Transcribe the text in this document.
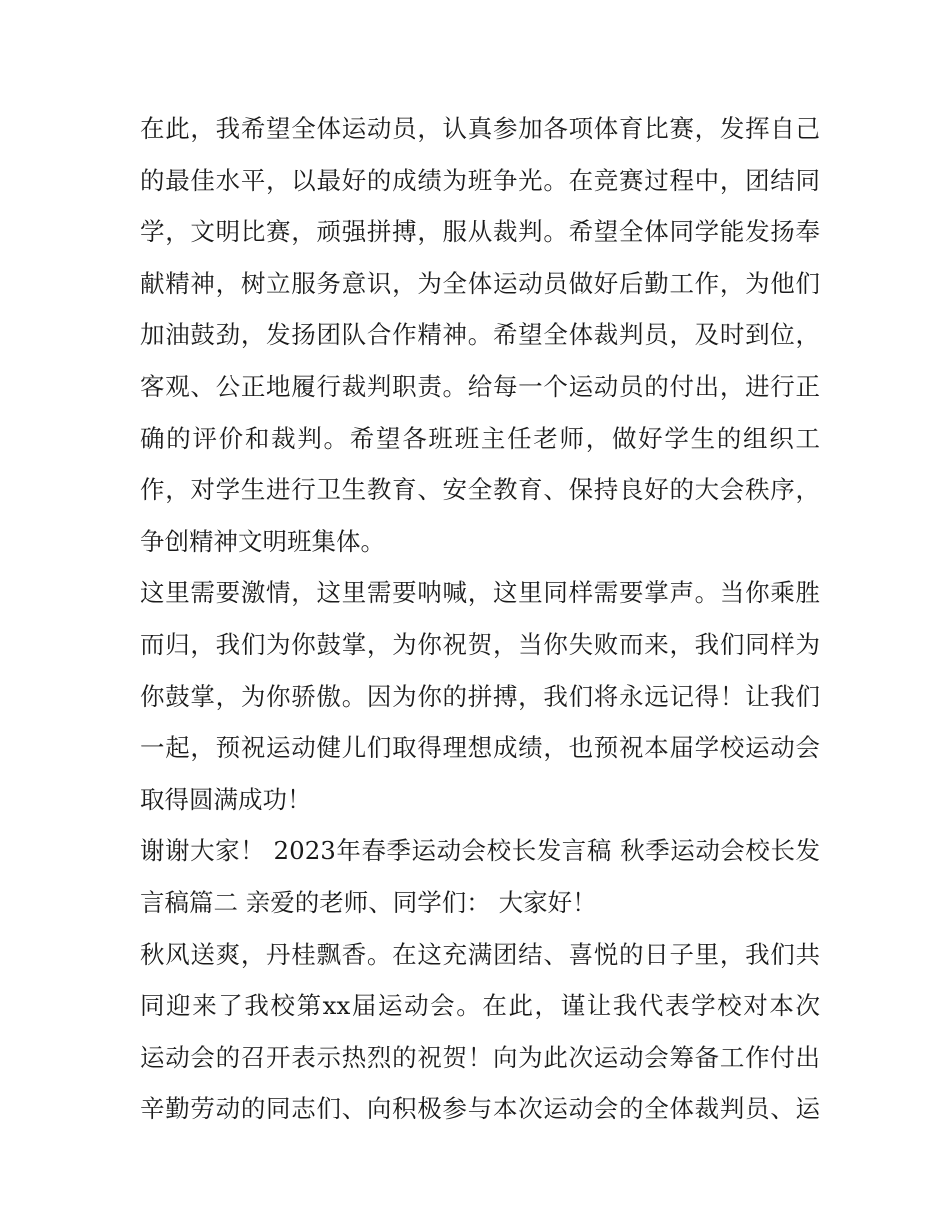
在此，我希望全体运动员，认真参加各项体育比赛，发挥自己
的最佳水平，以最好的成绩为班争光。在竞赛过程中，团结同
学，文明比赛，顽强拼搏，服从裁判。希望全体同学能发扬奉
献精神，树立服务意识，为全体运动员做好后勤工作，为他们
加油鼓劲，发扬团队合作精神。希望全体裁判员，及时到位，
客观、公正地履行裁判职责。给每一个运动员的付出，进行正
确的评价和裁判。希望各班班主任老师，做好学生的组织工
作，对学生进行卫生教育、安全教育、保持良好的大会秩序，
争创精神文明班集体。
这里需要激情，这里需要呐喊，这里同样需要掌声。当你乘胜
而归，我们为你鼓掌，为你祝贺，当你失败而来，我们同样为
你鼓掌，为你骄傲。因为你的拼搏，我们将永远记得！让我们
一起，预祝运动健儿们取得理想成绩，也预祝本届学校运动会
取得圆满成功！
谢谢大家！ 2023年春季运动会校长发言稿 秋季运动会校长发
言稿篇二 亲爱的老师、同学们： 大家好！
秋风送爽，丹桂飘香。在这充满团结、喜悦的日子里，我们共
同迎来了我校第xx届运动会。在此，谨让我代表学校对本次
运动会的召开表示热烈的祝贺！向为此次运动会筹备工作付出
辛勤劳动的同志们、向积极参与本次运动会的全体裁判员、运
